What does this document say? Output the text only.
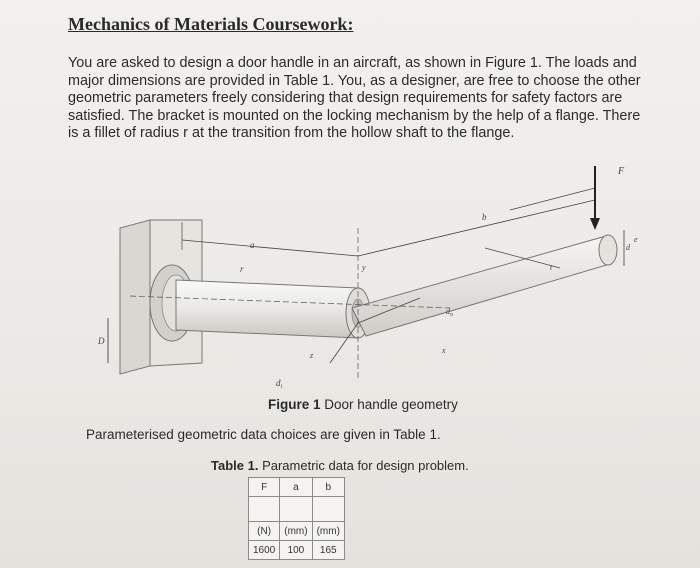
Mechanics of Materials Coursework:
You are asked to design a door handle in an aircraft, as shown in Figure 1. The loads and
major dimensions are provided in Table 1. You, as a designer, are free to choose the other
geometric parameters freely considering that design requirements for safety factors are
satisfied. The bracket is mounted on the locking mechanism by the help of a flange. There
is a fillet of radius r at the transition from the hollow shaft to the flange.
F
a
b
r
D
y
z
x
t
e
d
$d_o$
$d_i$
Figure 1 Door handle geometry
Parameterised geometric data choices are given in Table 1.
Table 1. Parametric data for design problem.
F	a	b

(N)	(mm)	(mm)
1600	100	165
